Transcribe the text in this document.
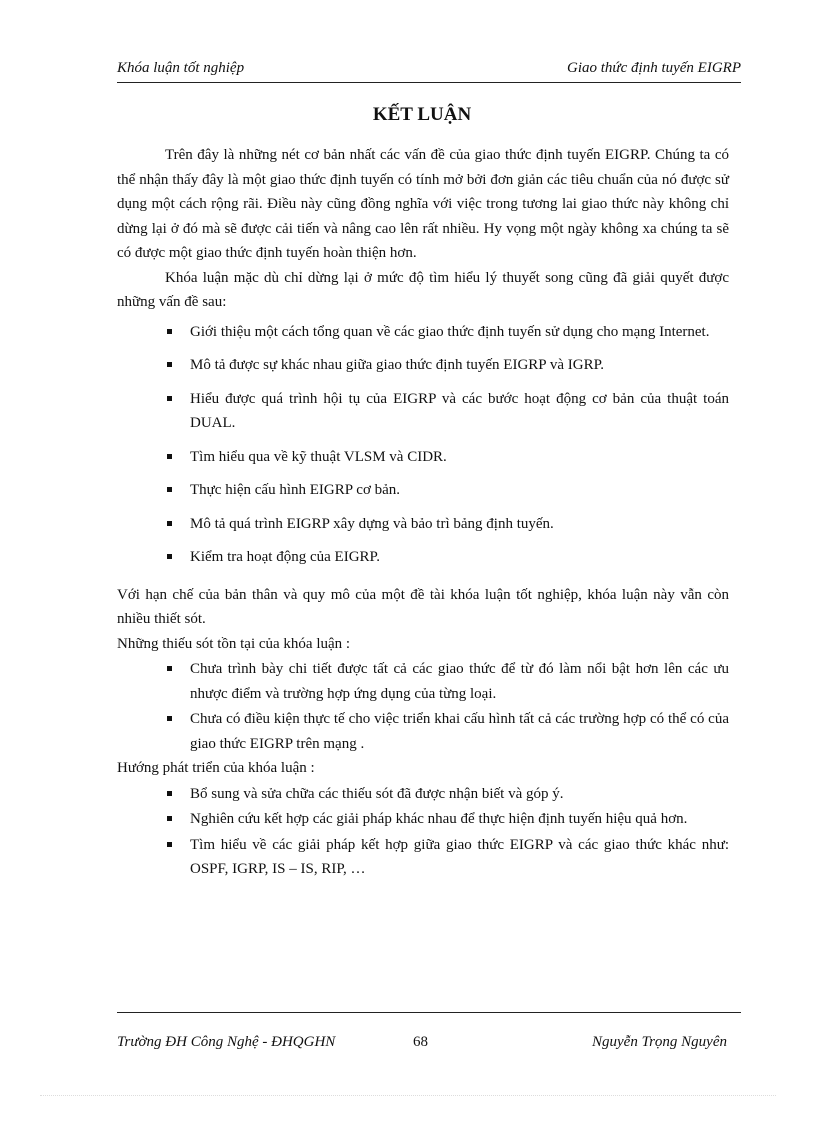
Khóa luận tốt nghiệp	Giao thức định tuyến EIGRP
KẾT LUẬN

Trên đây là những nét cơ bản nhất các vấn đề của giao thức định tuyến EIGRP. Chúng ta có thể nhận thấy đây là một giao thức định tuyến có tính mở bởi đơn giản các tiêu chuẩn của nó được sử dụng một cách rộng rãi. Điều này cũng đồng nghĩa với việc trong tương lai giao thức này không chỉ dừng lại ở đó mà sẽ được cải tiến và nâng cao lên rất nhiều. Hy vọng một ngày không xa chúng ta sẽ có được một giao thức định tuyến hoàn thiện hơn.

Khóa luận mặc dù chỉ dừng lại ở mức độ tìm hiểu lý thuyết song cũng đã giải quyết được những vấn đề sau:

Giới thiệu một cách tổng quan về các giao thức định tuyến sử dụng cho mạng Internet.
Mô tả được sự khác nhau giữa giao thức định tuyến EIGRP và IGRP.
Hiểu được quá trình hội tụ của EIGRP và các bước hoạt động cơ bản của thuật toán DUAL.
Tìm hiểu qua về kỹ thuật VLSM và CIDR.
Thực hiện cấu hình EIGRP cơ bản.
Mô tả quá trình EIGRP xây dựng và bảo trì bảng định tuyến.
Kiểm tra hoạt động của EIGRP.

Với hạn chế của bản thân và quy mô của một đề tài khóa luận tốt nghiệp, khóa luận này vẫn còn nhiều thiết sót.

Những thiếu sót tồn tại của khóa luận :

Chưa trình bày chi tiết được tất cả các giao thức để từ đó làm nổi bật hơn lên các ưu nhược điểm và trường hợp ứng dụng của từng loại.
Chưa có điều kiện thực tế cho việc triển khai cấu hình tất cả các trường hợp có thể có của giao thức EIGRP trên mạng .

Hướng phát triển của khóa luận :

Bổ sung và sửa chữa các thiếu sót đã được nhận biết và góp ý.
Nghiên cứu kết hợp các giải pháp khác nhau để thực hiện định tuyến hiệu quả hơn.
Tìm hiểu về các giải pháp kết hợp giữa giao thức EIGRP và các giao thức khác như: OSPF, IGRP, IS – IS, RIP, …
Trường ĐH Công Nghệ - ĐHQGHN	68	Nguyễn Trọng Nguyên
